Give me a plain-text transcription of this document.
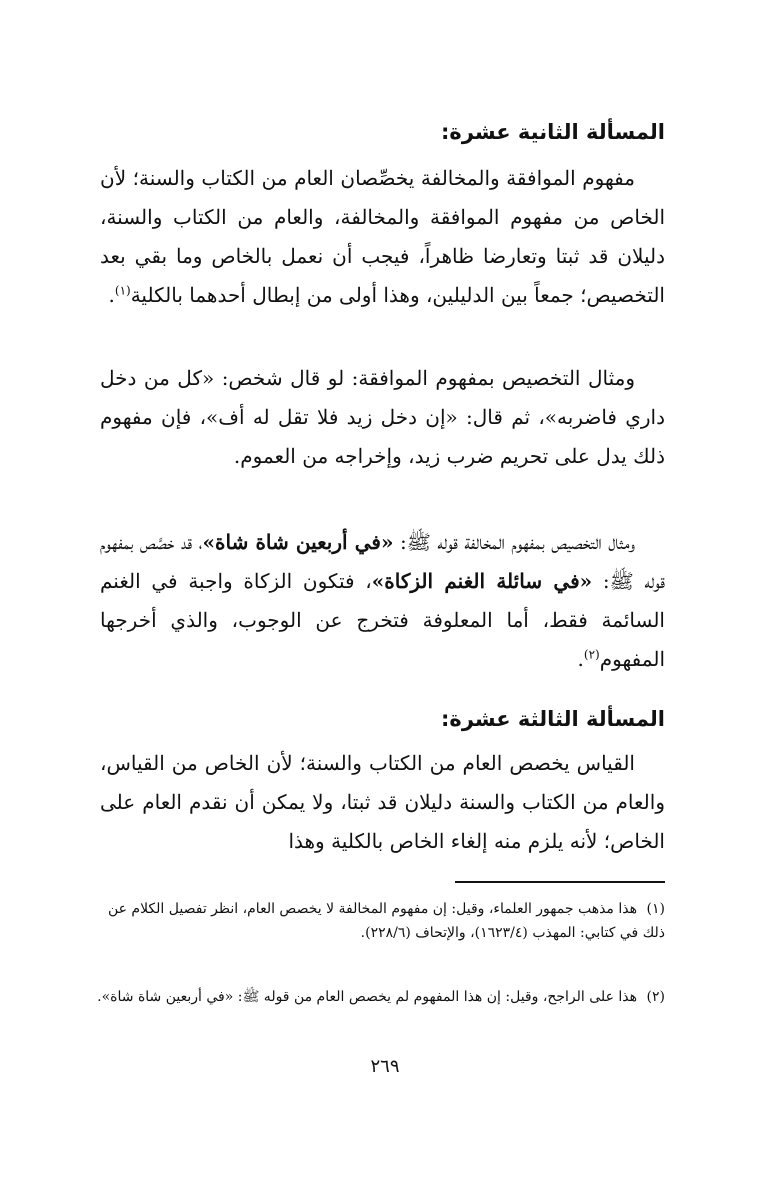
المسألة الثانية عشرة:
مفهوم الموافقة والمخالفة يخصِّصان العام من الكتاب والسنة؛ لأن الخاص من مفهوم الموافقة والمخالفة، والعام من الكتاب والسنة، دليلان قد ثبتا وتعارضا ظاهراً، فيجب أن نعمل بالخاص وما بقي بعد التخصيص؛ جمعاً بين الدليلين، وهذا أولى من إبطال أحدهما بالكلية$^{(١)}$.
ومثال التخصيص بمفهوم الموافقة: لو قال شخص: «كل من دخل داري فاضربه»، ثم قال: «إن دخل زيد فلا تقل له أف»، فإن مفهوم ذلك يدل على تحريم ضرب زيد، وإخراجه من العموم.
ومثال التخصيص بمفهوم المخالفة قوله ﷺ: «في أربعين شاة شاة»، قد خصَّص بمفهوم قوله ﷺ: «في سائلة الغنم الزكاة»، فتكون الزكاة واجبة في الغنم السائمة فقط، أما المعلوفة فتخرج عن الوجوب، والذي أخرجها المفهوم$^{(٢)}$.
المسألة الثالثة عشرة:
القياس يخصص العام من الكتاب والسنة؛ لأن الخاص من القياس، والعام من الكتاب والسنة دليلان قد ثبتا، ولا يمكن أن نقدم العام على الخاص؛ لأنه يلزم منه إلغاء الخاص بالكلية وهذا
(١)هذا مذهب جمهور العلماء، وقيل: إن مفهوم المخالفة لا يخصص العام، انظر تفصيل الكلام عن ذلك في كتابي: المهذب (١٦٢٣/٤)، والإتحاف (٢٢٨/٦).
(٢)هذا على الراجح، وقيل: إن هذا المفهوم لم يخصص العام من قوله ﷺ: «في أربعين شاة شاة».
٢٦٩
